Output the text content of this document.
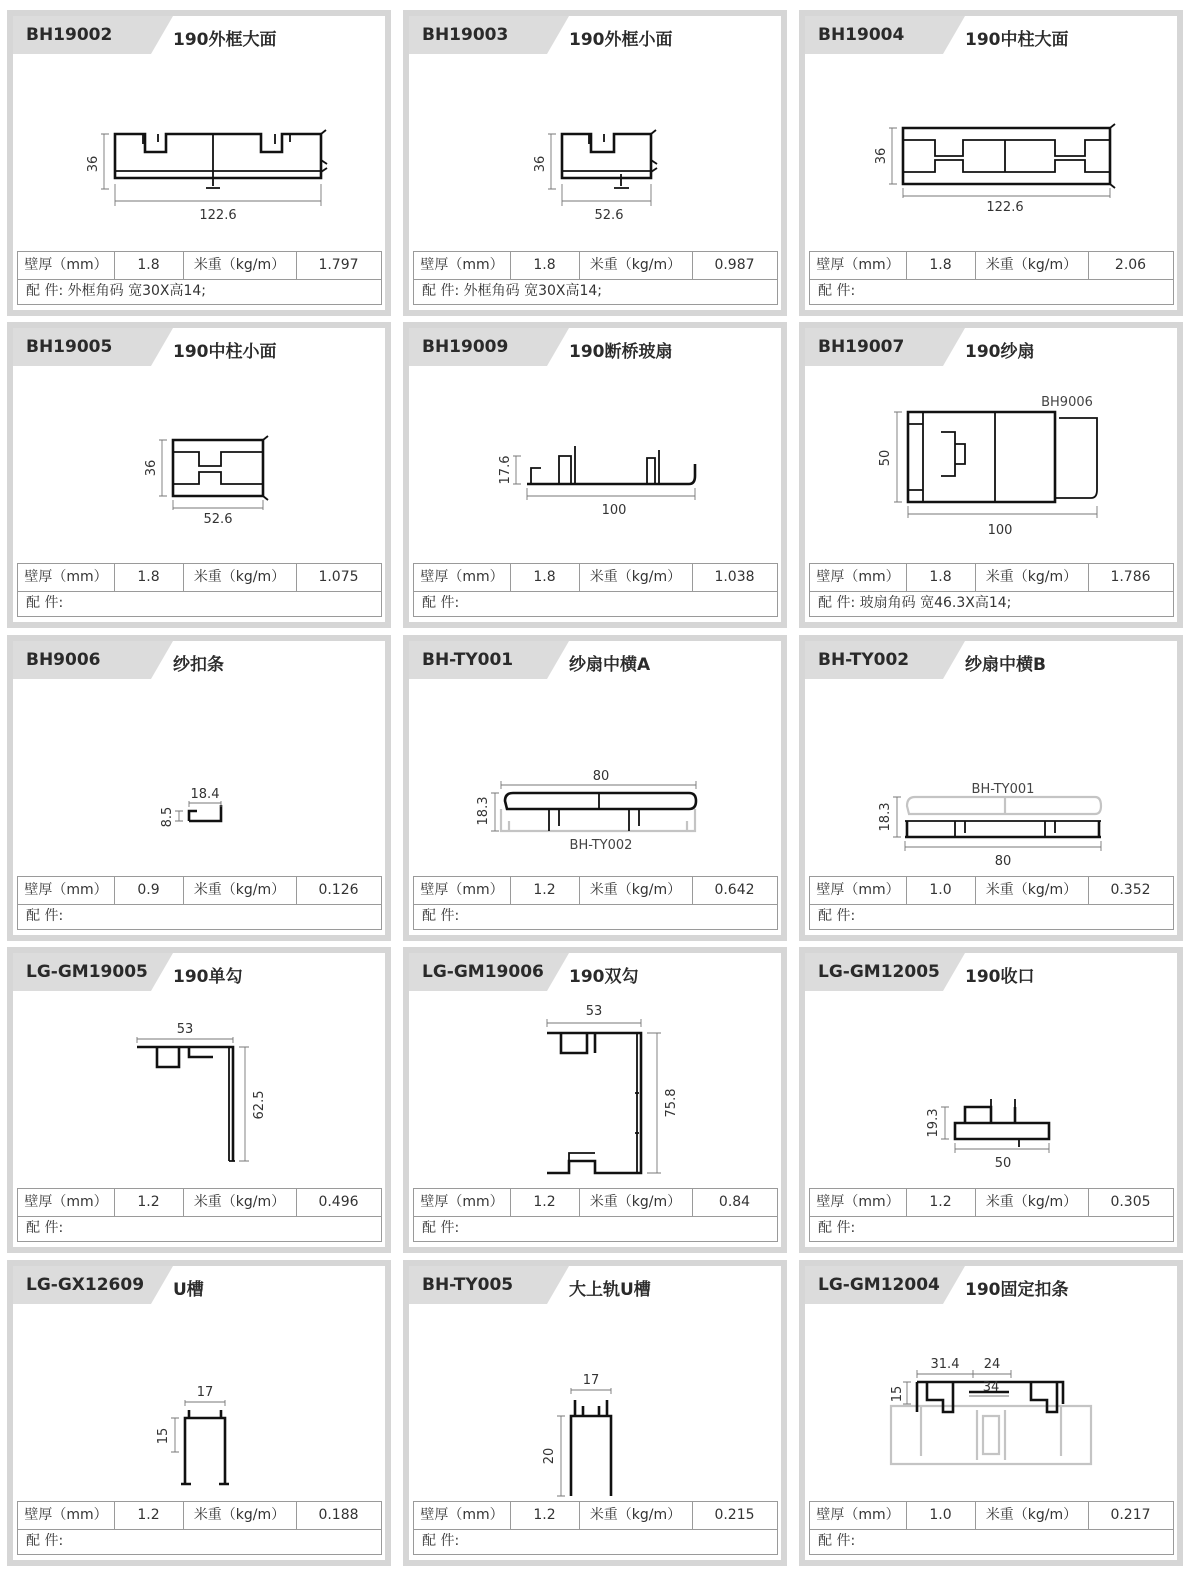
BH19002	190外框大面
36
122.6
壁厚（mm）	1.8	米重（kg/m）	1.797
配 件: 外框角码 宽30X高14;
BH19003	190外框小面
36
52.6
壁厚（mm）	1.8	米重（kg/m）	0.987
配 件: 外框角码 宽30X高14;
BH19004	190中柱大面
36
122.6
壁厚（mm）	1.8	米重（kg/m）	2.06
配 件:
BH19005	190中柱小面
36
52.6
壁厚（mm）	1.8	米重（kg/m）	1.075
配 件:
BH19009	190断桥玻扇
17.6
100
壁厚（mm）	1.8	米重（kg/m）	1.038
配 件:
BH19007	190纱扇
50
100
BH9006
壁厚（mm）	1.8	米重（kg/m）	1.786
配 件: 玻扇角码 宽46.3X高14;
BH9006	纱扣条
8.5
18.4
壁厚（mm）	0.9	米重（kg/m）	0.126
配 件:
BH-TY001	纱扇中横A
18.3
80
BH-TY002
壁厚（mm）	1.2	米重（kg/m）	0.642
配 件:
BH-TY002	纱扇中横B
18.3
80
BH-TY001
壁厚（mm）	1.0	米重（kg/m）	0.352
配 件:
LG-GM19005 190单勾
53
62.5
壁厚（mm）	1.2	米重（kg/m）	0.496
配 件:
LG-GM19006 190双勾
53
75.8
壁厚（mm）	1.2	米重（kg/m）	0.84
配 件:
LG-GM12005 190收口
19.3
50
壁厚（mm）	1.2	米重（kg/m）	0.305
配 件:
LG-GX12609 U槽
17
15
壁厚（mm）	1.2	米重（kg/m）	0.188
配 件:
BH-TY005	大上轨U槽
17
20
壁厚（mm）	1.2	米重（kg/m）	0.215
配 件:
LG-GM12004 190固定扣条
31.4 24
34
15
壁厚（mm）	1.0	米重（kg/m）	0.217
配 件:
